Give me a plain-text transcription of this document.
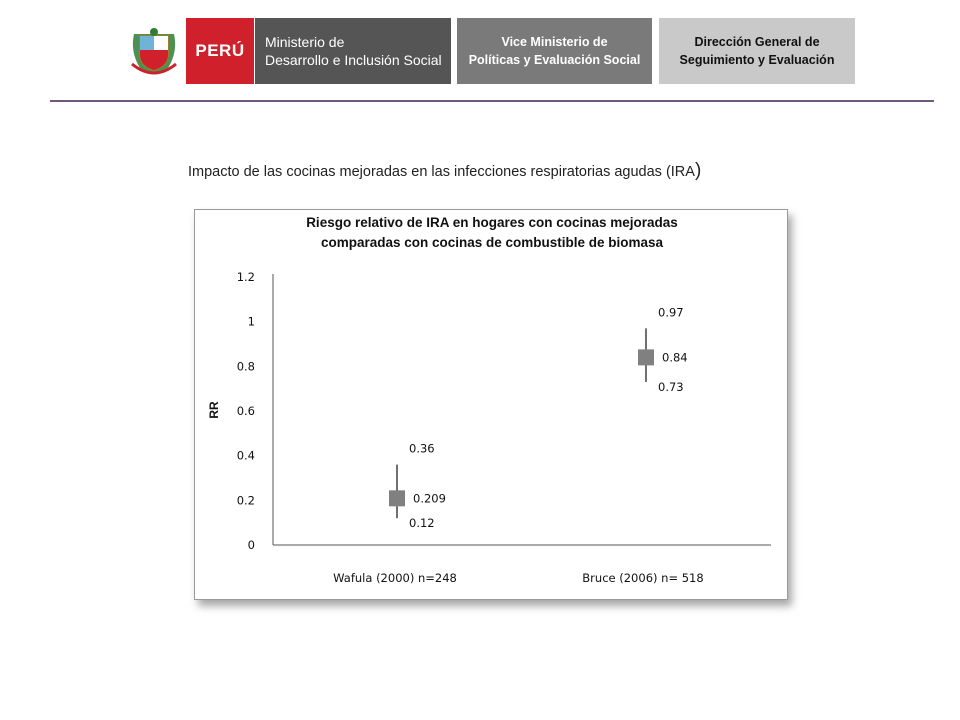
PERÚ Ministerio de
Desarrollo e Inclusión Social
Vice Ministerio de
Políticas y Evaluación Social
Dirección General de
Seguimiento y Evaluación
Impacto de las cocinas mejoradas en las infecciones respiratorias agudas (IRA)
Riesgo relativo de IRA en hogares con cocinas mejoradas
comparadas con cocinas de combustible de biomasa
RR
0
0.2
0.4
0.6
0.8
1
1.2
Wafula (2000) n=248	Bruce (2006) n= 518
0.36
0.209
0.12
0.97
0.84
0.73
